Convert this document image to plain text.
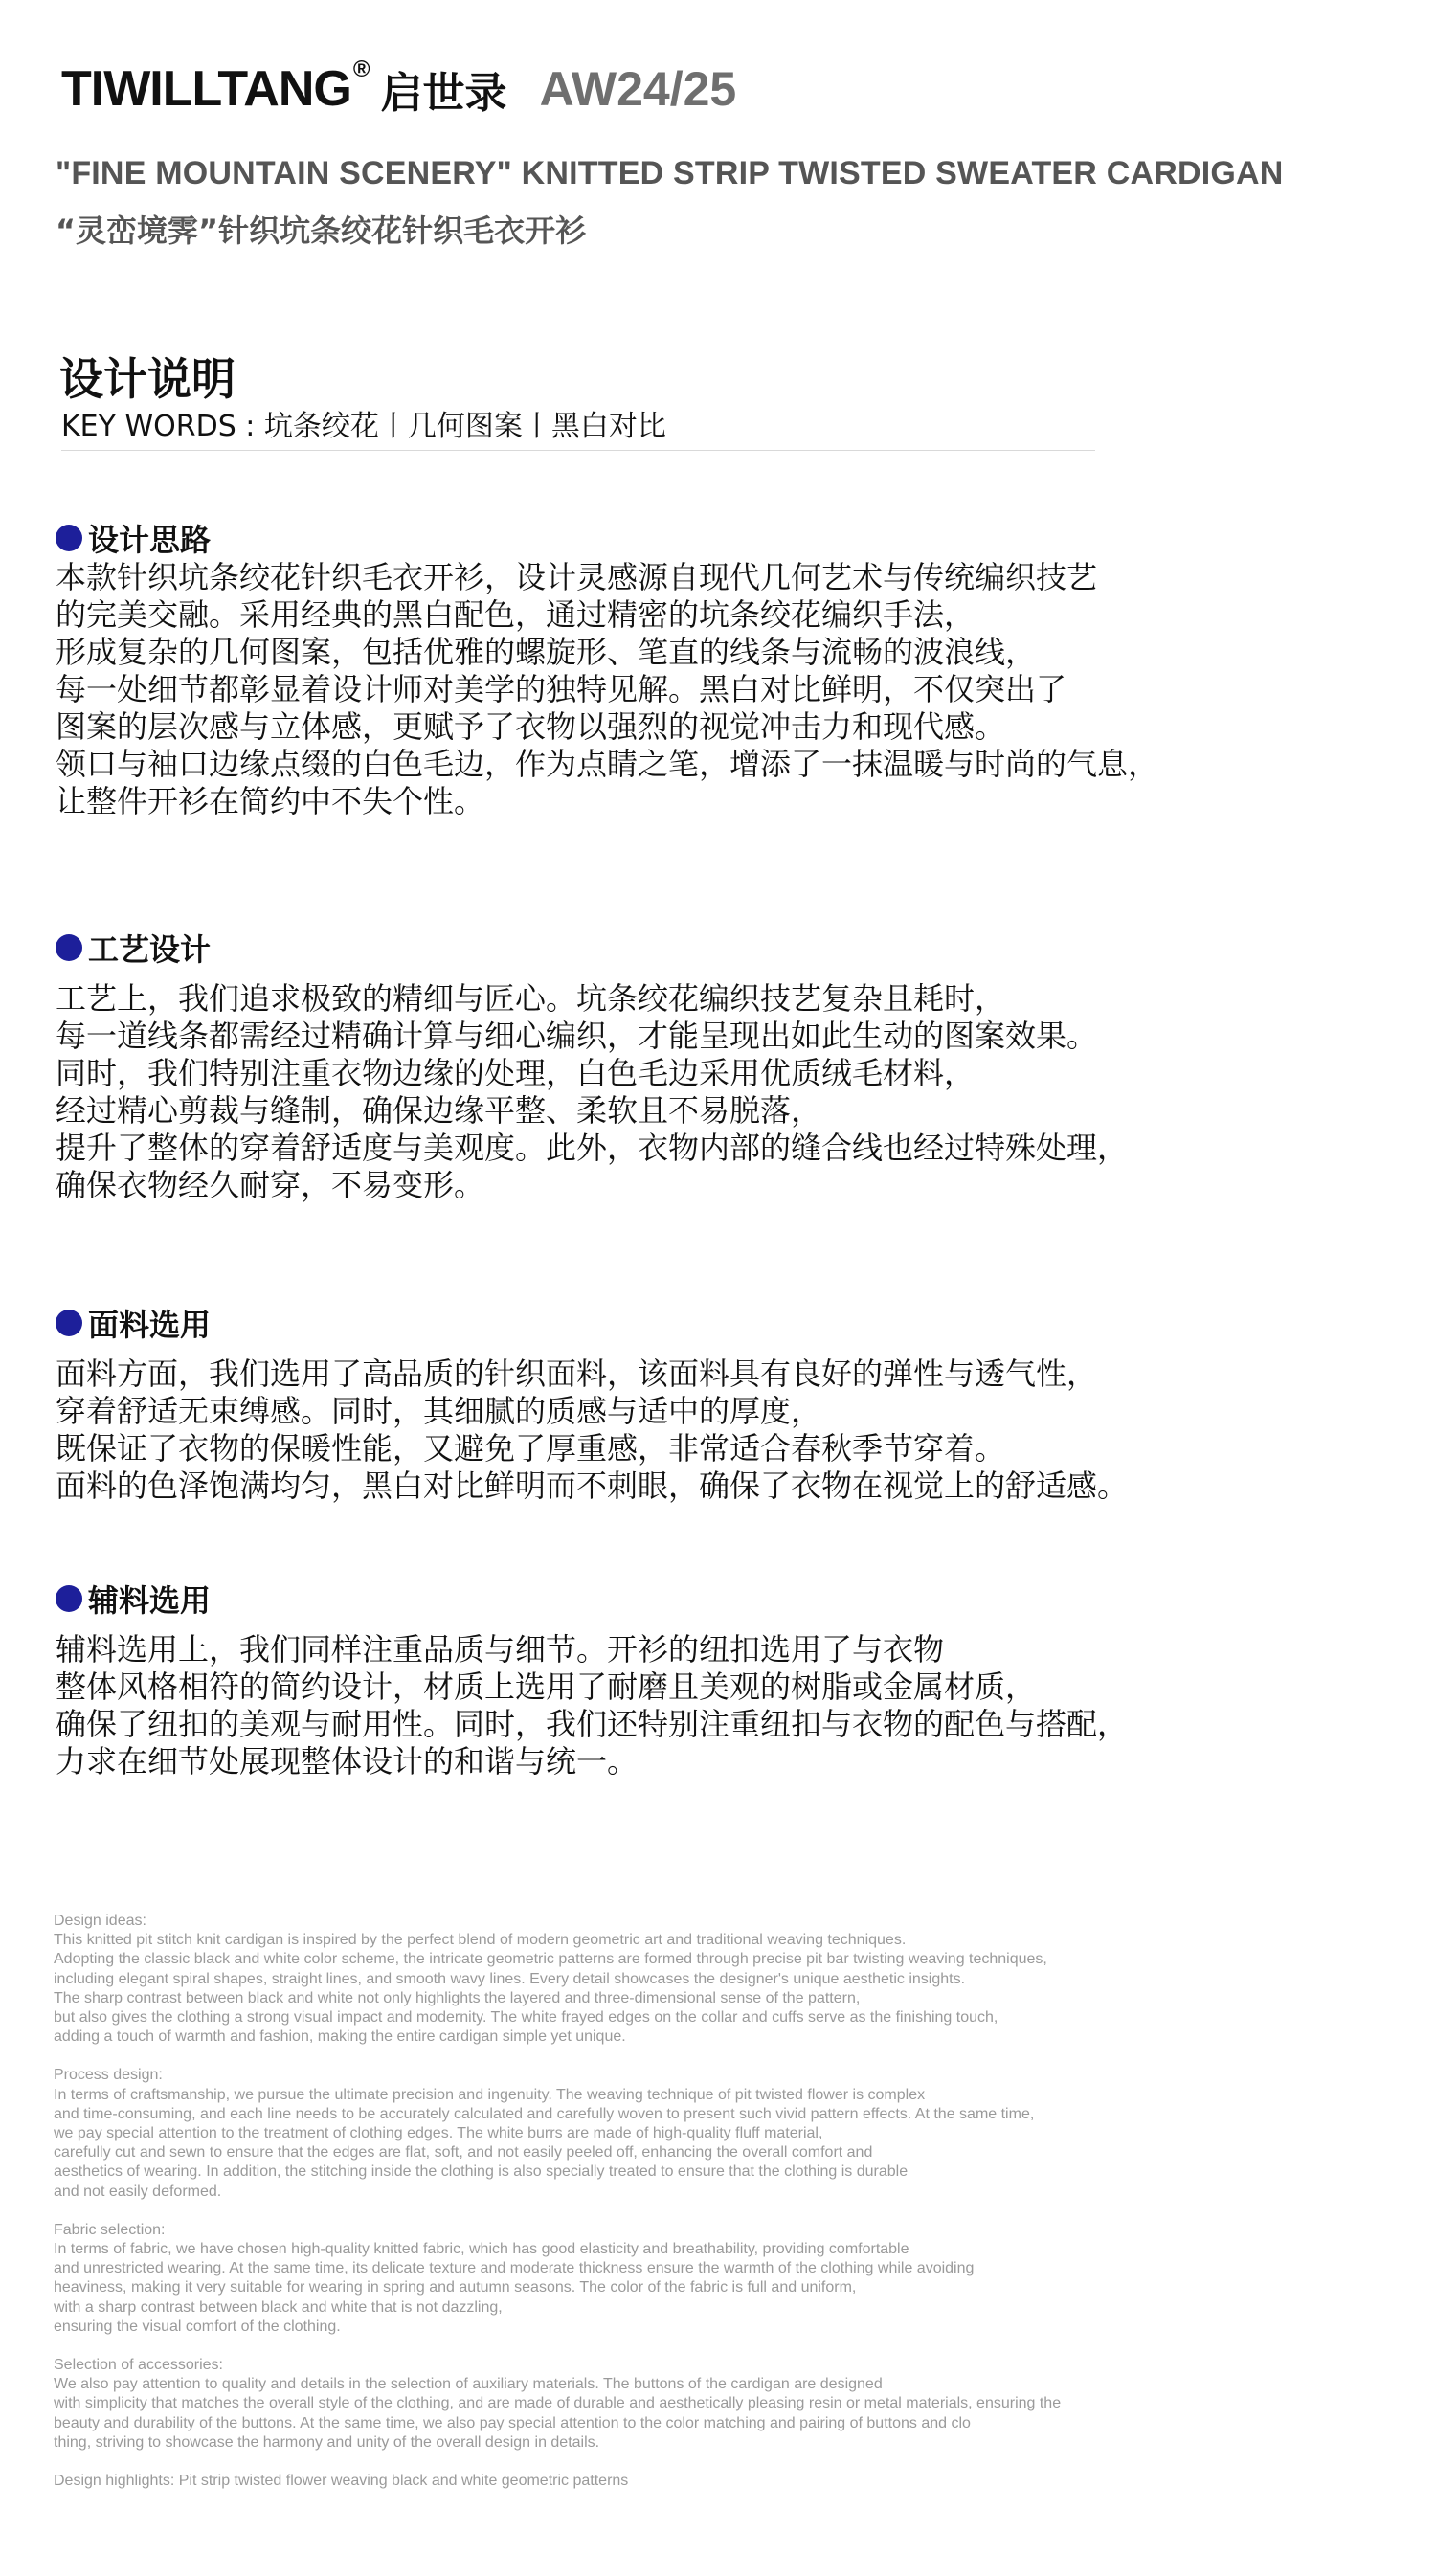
TIWILLTANG ® 启世录 AW24/25
"FINE MOUNTAIN SCENERY" KNITTED STRIP TWISTED SWEATER CARDIGAN
“灵峦境霁”针织坑条绞花针织毛衣开衫
设计说明
KEY WORDS : 坑条绞花丨几何图案丨黑白对比
设计思路
本款针织坑条绞花针织毛衣开衫，设计灵感源自现代几何艺术与传统编织技艺
的完美交融。采用经典的黑白配色，通过精密的坑条绞花编织手法，
形成复杂的几何图案，包括优雅的螺旋形、笔直的线条与流畅的波浪线，
每一处细节都彰显着设计师对美学的独特见解。黑白对比鲜明，不仅突出了
图案的层次感与立体感，更赋予了衣物以强烈的视觉冲击力和现代感。
领口与袖口边缘点缀的白色毛边，作为点睛之笔，增添了一抹温暖与时尚的气息，
让整件开衫在简约中不失个性。
工艺设计
工艺上，我们追求极致的精细与匠心。坑条绞花编织技艺复杂且耗时，
每一道线条都需经过精确计算与细心编织，才能呈现出如此生动的图案效果。
同时，我们特别注重衣物边缘的处理，白色毛边采用优质绒毛材料，
经过精心剪裁与缝制，确保边缘平整、柔软且不易脱落，
提升了整体的穿着舒适度与美观度。此外，衣物内部的缝合线也经过特殊处理，
确保衣物经久耐穿，不易变形。
面料选用
面料方面，我们选用了高品质的针织面料，该面料具有良好的弹性与透气性，
穿着舒适无束缚感。同时，其细腻的质感与适中的厚度，
既保证了衣物的保暖性能，又避免了厚重感，非常适合春秋季节穿着。
面料的色泽饱满均匀，黑白对比鲜明而不刺眼，确保了衣物在视觉上的舒适感。
辅料选用
辅料选用上，我们同样注重品质与细节。开衫的纽扣选用了与衣物
整体风格相符的简约设计，材质上选用了耐磨且美观的树脂或金属材质，
确保了纽扣的美观与耐用性。同时，我们还特别注重纽扣与衣物的配色与搭配，
力求在细节处展现整体设计的和谐与统一。
Design ideas:
This knitted pit stitch knit cardigan is inspired by the perfect blend of modern geometric art and traditional weaving techniques.
Adopting the classic black and white color scheme, the intricate geometric patterns are formed through precise pit bar twisting weaving techniques,
including elegant spiral shapes, straight lines, and smooth wavy lines. Every detail showcases the designer's unique aesthetic insights.
The sharp contrast between black and white not only highlights the layered and three-dimensional sense of the pattern,
but also gives the clothing a strong visual impact and modernity. The white frayed edges on the collar and cuffs serve as the finishing touch,
adding a touch of warmth and fashion, making the entire cardigan simple yet unique.
Process design:
In terms of craftsmanship, we pursue the ultimate precision and ingenuity. The weaving technique of pit twisted flower is complex
and time-consuming, and each line needs to be accurately calculated and carefully woven to present such vivid pattern effects. At the same time,
we pay special attention to the treatment of clothing edges. The white burrs are made of high-quality fluff material,
carefully cut and sewn to ensure that the edges are flat, soft, and not easily peeled off, enhancing the overall comfort and
aesthetics of wearing. In addition, the stitching inside the clothing is also specially treated to ensure that the clothing is durable
and not easily deformed.
Fabric selection:
In terms of fabric, we have chosen high-quality knitted fabric, which has good elasticity and breathability, providing comfortable
and unrestricted wearing. At the same time, its delicate texture and moderate thickness ensure the warmth of the clothing while avoiding
heaviness, making it very suitable for wearing in spring and autumn seasons. The color of the fabric is full and uniform,
with a sharp contrast between black and white that is not dazzling,
ensuring the visual comfort of the clothing.
Selection of accessories:
We also pay attention to quality and details in the selection of auxiliary materials. The buttons of the cardigan are designed
with simplicity that matches the overall style of the clothing, and are made of durable and aesthetically pleasing resin or metal materials, ensuring the
beauty and durability of the buttons. At the same time, we also pay special attention to the color matching and pairing of buttons and clo
thing, striving to showcase the harmony and unity of the overall design in details.
Design highlights: Pit strip twisted flower weaving black and white geometric patterns
